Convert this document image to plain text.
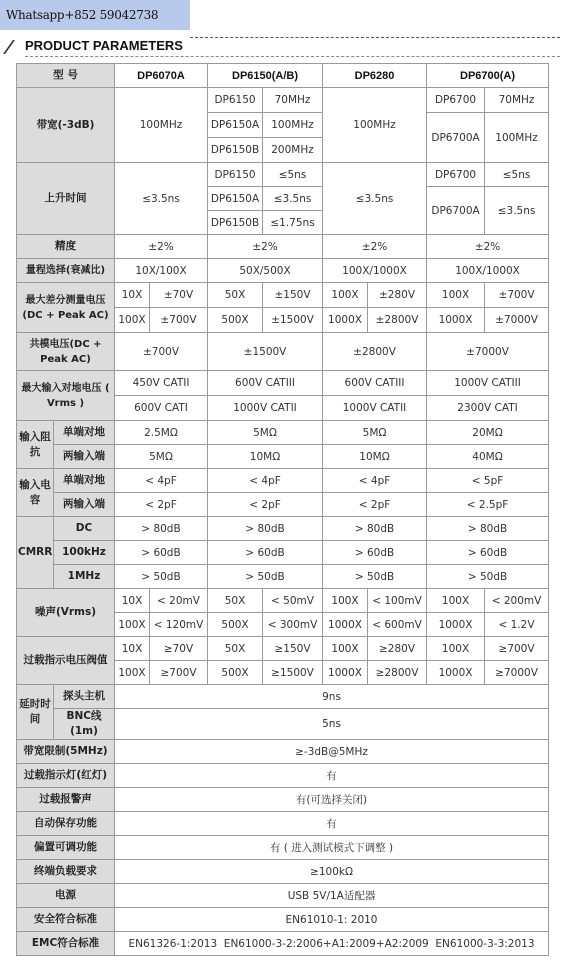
Whatsapp+852 59042738
PRODUCT PARAMETERS
型 号		DP6070A		DP6150(A/B)		DP6280		DP6700(A)	
带宽(-3dB)		100MHz		DP6150	70MHz	100MHz		DP6700	70MHz
				DP6150A	100MHz			DP6700A	100MHz
				DP6150B	200MHz				
上升时间		≤3.5ns		DP6150	≤5ns	≤3.5ns		DP6700	≤5ns
				DP6150A	≤3.5ns			DP6700A	≤3.5ns
				DP6150B	≤1.75ns				
精度		±2%		±2%		±2%		±2%	
量程选择(衰减比)		10X/100X		50X/500X		100X/1000X		100X/1000X	
最大差分测量电压(DC + Peak AC)		10X	±70V	50X	±150V	100X	±280V	100X	±700V
		100X	±700V	500X	±1500V	1000X	±2800V	1000X	±7000V
共模电压(DC + Peak AC)		±700V		±1500V		±2800V		±7000V	
最大输入对地电压 ( Vrms )		450V CATII		600V CATIII		600V CATIII		1000V CATIII	
		600V CATI		1000V CATII		1000V CATII		2300V CATI	
输入阻抗	单端对地	2.5MΩ		5MΩ		5MΩ		20MΩ	
	两输入端	5MΩ		10MΩ		10MΩ		40MΩ	
输入电容	单端对地	< 4pF		< 4pF		< 4pF		< 5pF	
	两输入端	< 2pF		< 2pF		< 2pF		< 2.5pF	
CMRR	DC	> 80dB		> 80dB		> 80dB		> 80dB	
	100kHz	> 60dB		> 60dB		> 60dB		> 60dB	
	1MHz	> 50dB		> 50dB		> 50dB		> 50dB	
噪声(Vrms)		10X	< 20mV	50X	< 50mV	100X	< 100mV	100X	< 200mV
		100X	< 120mV	500X	< 300mV	1000X	< 600mV	1000X	< 1.2V
过载指示电压阀值		10X	≥70V	50X	≥150V	100X	≥280V	100X	≥700V
		100X	≥700V	500X	≥1500V	1000X	≥2800V	1000X	≥7000V
延时时间	探头主机	9ns							
	BNC线(1m)	5ns							
带宽限制(5MHz)		≥-3dB@5MHz							
过载指示灯(红灯)		有							
过载报警声		有(可选择关闭)							
自动保存功能		有							
偏置可调功能		有 ( 进入测试模式下调整 )							
终端负载要求		≥100kΩ							
电源		USB 5V/1A适配器							
安全符合标准		EN61010-1: 2010							
EMC符合标准		EN61326-1:2013  EN61000-3-2:2006+A1:2009+A2:2009  EN61000-3-3:2013							
